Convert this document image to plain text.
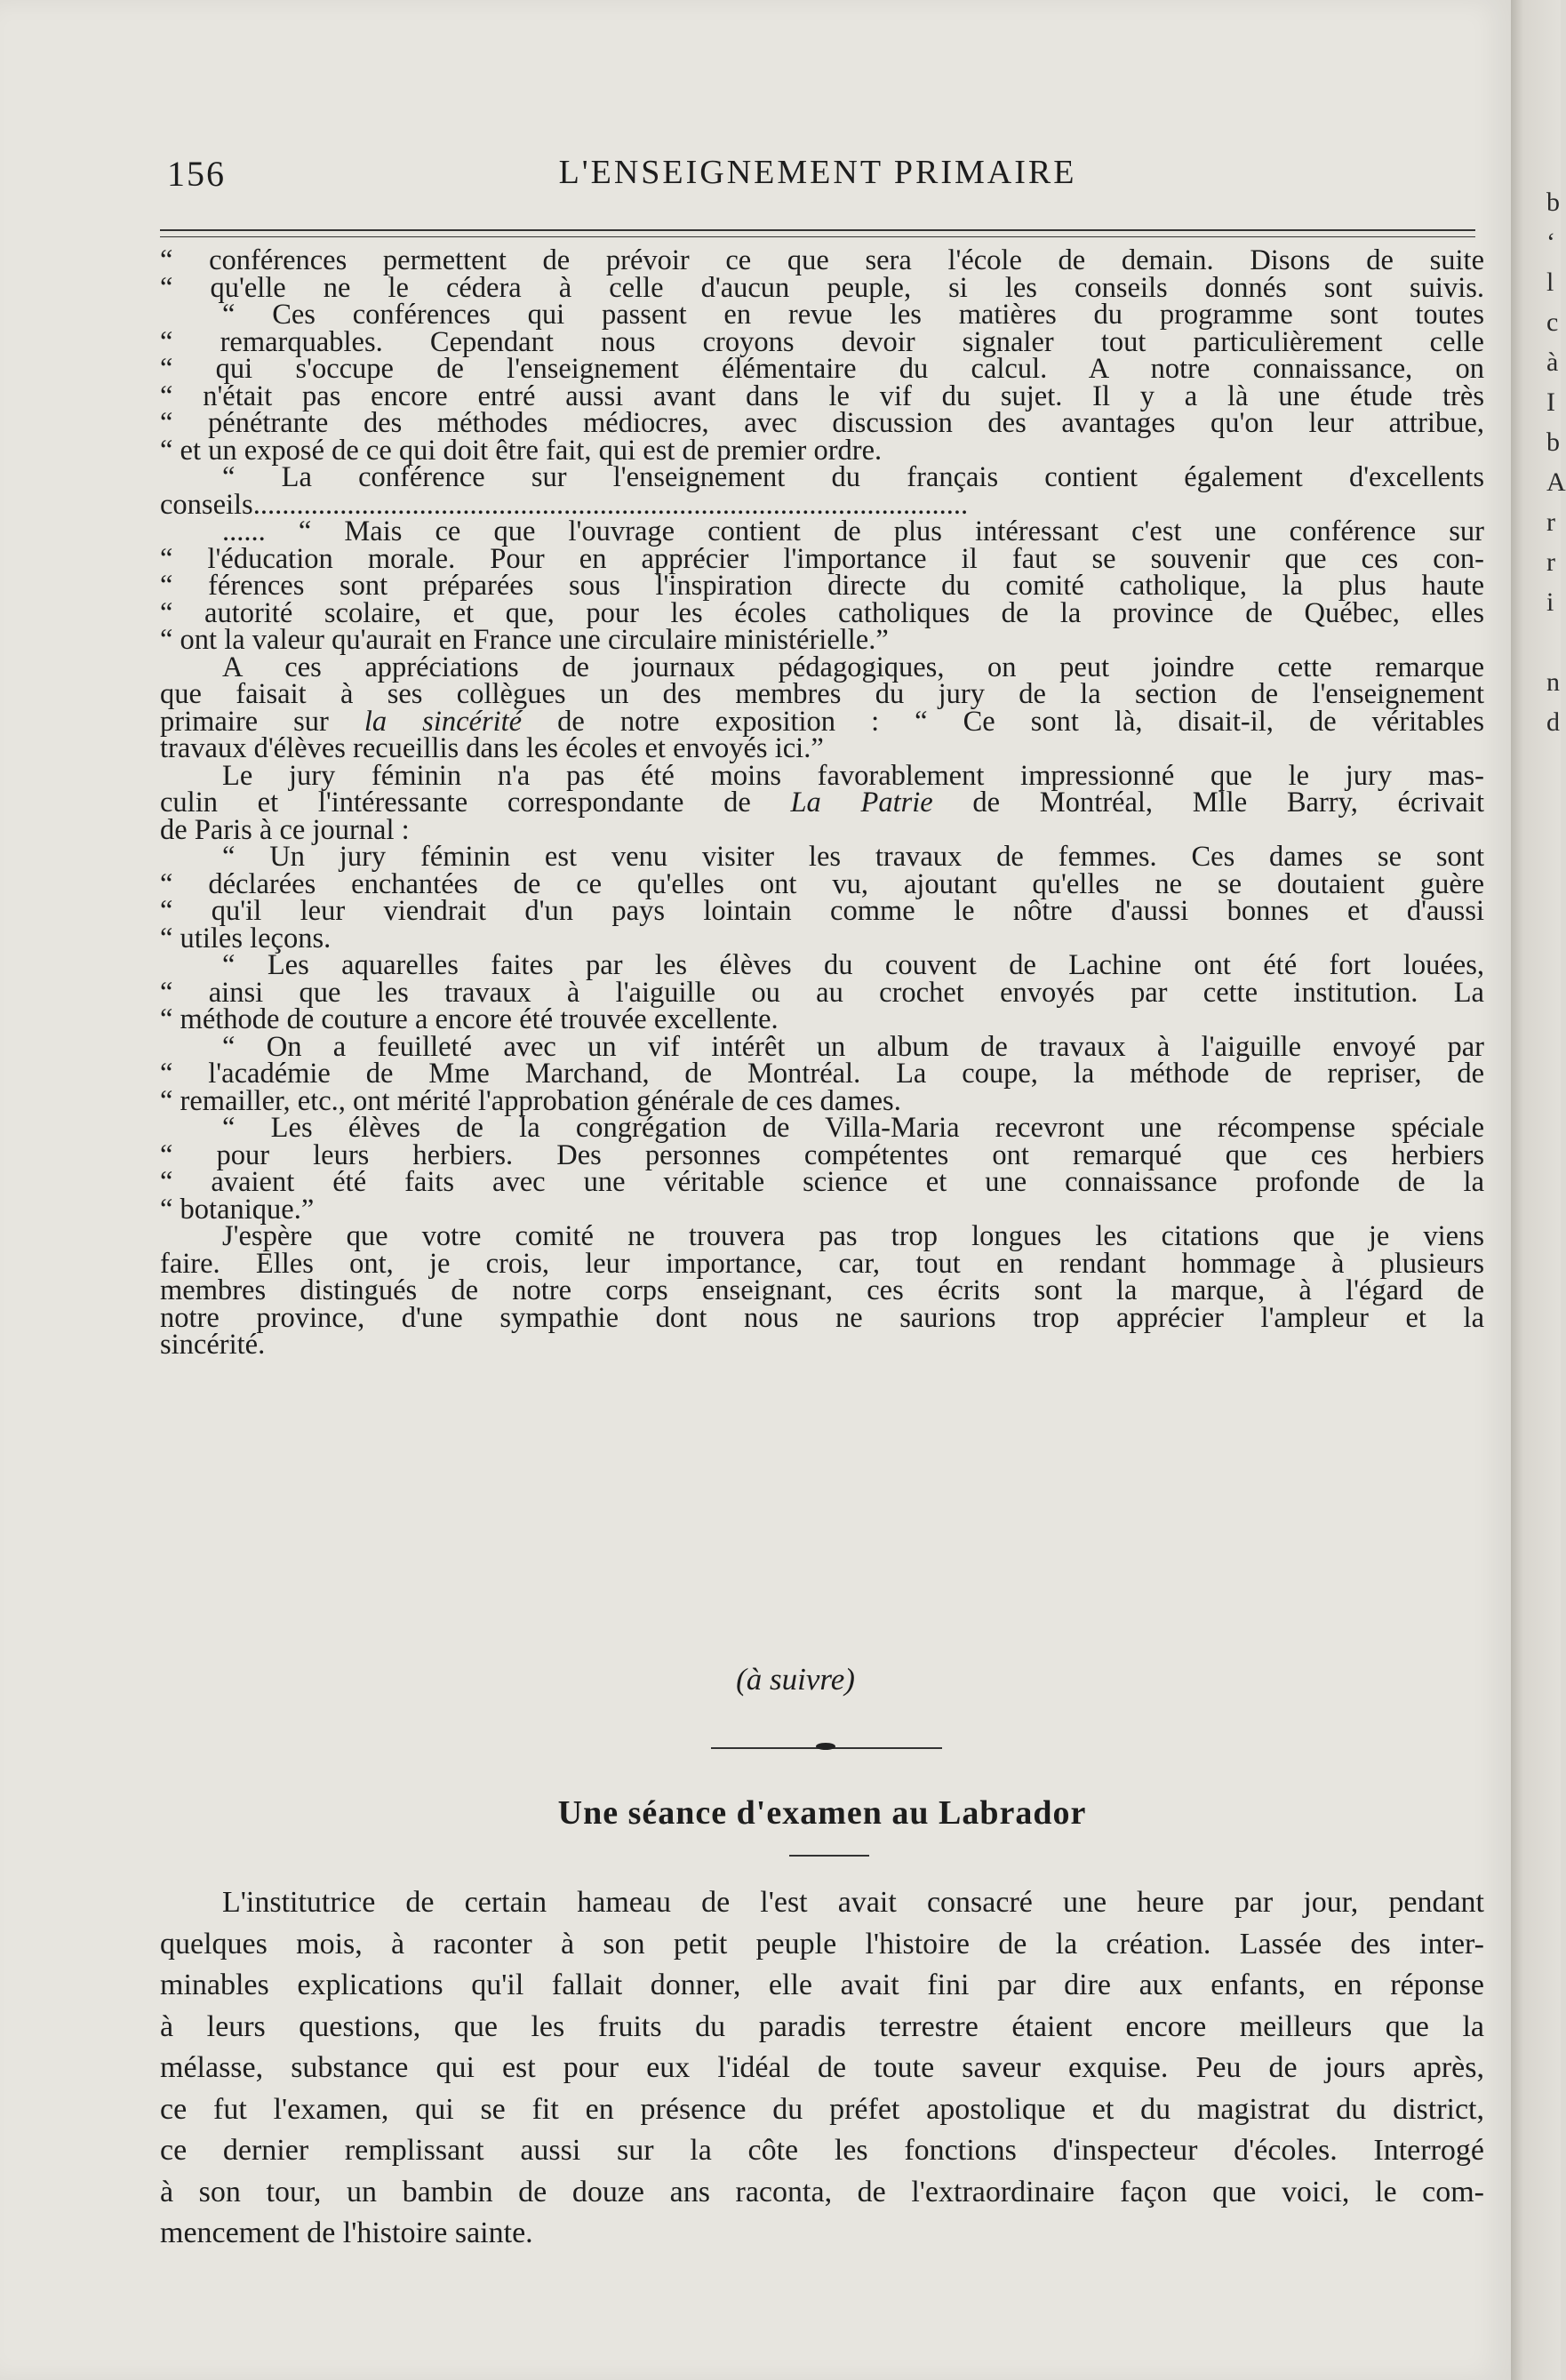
156	L'ENSEIGNEMENT PRIMAIRE

“ conférences permettent de prévoir ce que sera l'école de demain. Disons de suite

“ qu'elle ne le cédera à celle d'aucun peuple, si les conseils donnés sont suivis.

“ Ces conférences qui passent en revue les matières du programme sont toutes

“ remarquables. Cependant nous croyons devoir signaler tout particulièrement celle

“ qui s'occupe de l'enseignement élémentaire du calcul. A notre connaissance, on

“ n'était pas encore entré aussi avant dans le vif du sujet. Il y a là une étude très

“ pénétrante des méthodes médiocres, avec discussion des avantages qu'on leur attribue,

“ et un exposé de ce qui doit être fait, qui est de premier ordre.

“ La conférence sur l'enseignement du français contient également d'excellents

conseils...................................................................................................

...... “ Mais ce que l'ouvrage contient de plus intéressant c'est une conférence sur

“ l'éducation morale. Pour en apprécier l'importance il faut se souvenir que ces con-

“ férences sont préparées sous l'inspiration directe du comité catholique, la plus haute

“ autorité scolaire, et que, pour les écoles catholiques de la province de Québec, elles

“ ont la valeur qu'aurait en France une circulaire ministérielle.”

A ces appréciations de journaux pédagogiques, on peut joindre cette remarque

que faisait à ses collègues un des membres du jury de la section de l'enseignement

primaire sur la sincérité de notre exposition : “ Ce sont là, disait-il, de véritables

travaux d'élèves recueillis dans les écoles et envoyés ici.”

Le jury féminin n'a pas été moins favorablement impressionné que le jury mas-

culin et l'intéressante correspondante de La Patrie de Montréal, Mlle Barry, écrivait

de Paris à ce journal :

“ Un jury féminin est venu visiter les travaux de femmes. Ces dames se sont

“ déclarées enchantées de ce qu'elles ont vu, ajoutant qu'elles ne se doutaient guère

“ qu'il leur viendrait d'un pays lointain comme le nôtre d'aussi bonnes et d'aussi

“ utiles leçons.

“ Les aquarelles faites par les élèves du couvent de Lachine ont été fort louées,

“ ainsi que les travaux à l'aiguille ou au crochet envoyés par cette institution. La

“ méthode de couture a encore été trouvée excellente.

“ On a feuilleté avec un vif intérêt un album de travaux à l'aiguille envoyé par

“ l'académie de Mme Marchand, de Montréal. La coupe, la méthode de repriser, de

“ remailler, etc., ont mérité l'approbation générale de ces dames.

“ Les élèves de la congrégation de Villa-Maria recevront une récompense spéciale

“ pour leurs herbiers. Des personnes compétentes ont remarqué que ces herbiers

“ avaient été faits avec une véritable science et une connaissance profonde de la

“ botanique.”

J'espère que votre comité ne trouvera pas trop longues les citations que je viens

faire. Elles ont, je crois, leur importance, car, tout en rendant hommage à plusieurs

membres distingués de notre corps enseignant, ces écrits sont la marque, à l'égard de

notre province, d'une sympathie dont nous ne saurions trop apprécier l'ampleur et la

sincérité.

(à suivre)
Une séance d'examen au Labrador

L'institutrice de certain hameau de l'est avait consacré une heure par jour, pendant

quelques mois, à raconter à son petit peuple l'histoire de la création. Lassée des inter-

minables explications qu'il fallait donner, elle avait fini par dire aux enfants, en réponse

à leurs questions, que les fruits du paradis terrestre étaient encore meilleurs que la

mélasse, substance qui est pour eux l'idéal de toute saveur exquise. Peu de jours après,

ce fut l'examen, qui se fit en présence du préfet apostolique et du magistrat du district,

ce dernier remplissant aussi sur la côte les fonctions d'inspecteur d'écoles. Interrogé

à son tour, un bambin de douze ans raconta, de l'extraordinaire façon que voici, le com-

mencement de l'histoire sainte.

b
‘
l
c
à
I
b
A
r
r
i
n
d
